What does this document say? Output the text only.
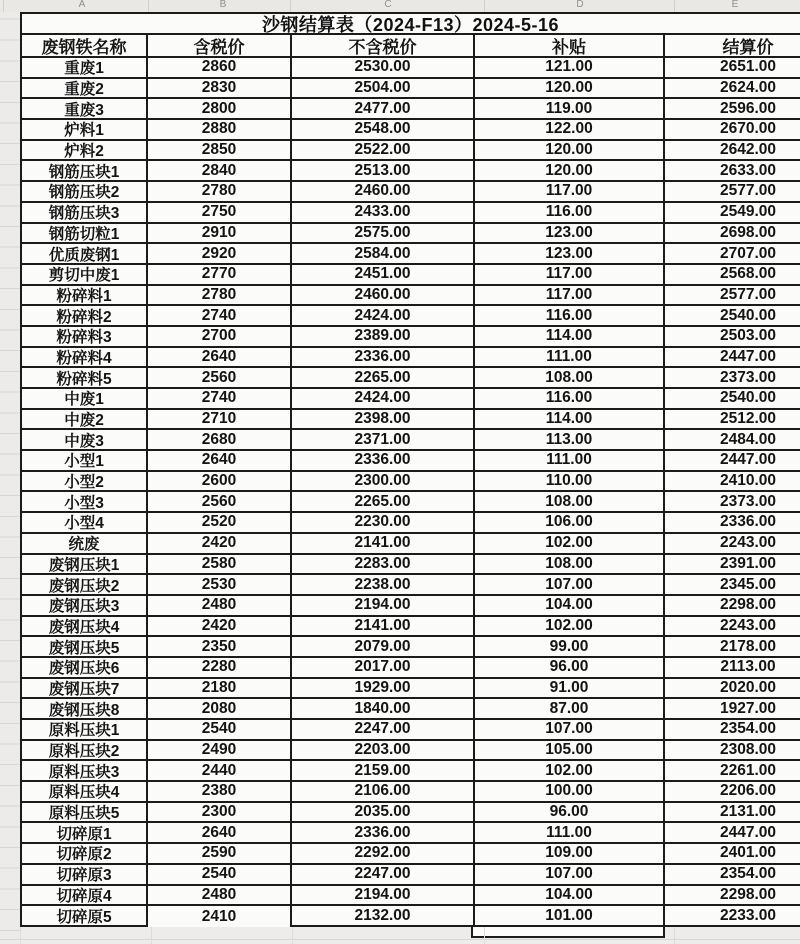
A	B	C	D	E
沙钢结算表（2024-F13）2024-5-16
废钢铁名称	含税价	不含税价	补贴	结算价
重废1	2860	2530.00	121.00	2651.00
重废2	2830	2504.00	120.00	2624.00
重废3	2800	2477.00	119.00	2596.00
炉料1	2880	2548.00	122.00	2670.00
炉料2	2850	2522.00	120.00	2642.00
钢筋压块1	2840	2513.00	120.00	2633.00
钢筋压块2	2780	2460.00	117.00	2577.00
钢筋压块3	2750	2433.00	116.00	2549.00
钢筋切粒1	2910	2575.00	123.00	2698.00
优质废钢1	2920	2584.00	123.00	2707.00
剪切中废1	2770	2451.00	117.00	2568.00
粉碎料1	2780	2460.00	117.00	2577.00
粉碎料2	2740	2424.00	116.00	2540.00
粉碎料3	2700	2389.00	114.00	2503.00
粉碎料4	2640	2336.00	111.00	2447.00
粉碎料5	2560	2265.00	108.00	2373.00
中废1	2740	2424.00	116.00	2540.00
中废2	2710	2398.00	114.00	2512.00
中废3	2680	2371.00	113.00	2484.00
小型1	2640	2336.00	111.00	2447.00
小型2	2600	2300.00	110.00	2410.00
小型3	2560	2265.00	108.00	2373.00
小型4	2520	2230.00	106.00	2336.00
统废	2420	2141.00	102.00	2243.00
废钢压块1	2580	2283.00	108.00	2391.00
废钢压块2	2530	2238.00	107.00	2345.00
废钢压块3	2480	2194.00	104.00	2298.00
废钢压块4	2420	2141.00	102.00	2243.00
废钢压块5	2350	2079.00	99.00	2178.00
废钢压块6	2280	2017.00	96.00	2113.00
废钢压块7	2180	1929.00	91.00	2020.00
废钢压块8	2080	1840.00	87.00	1927.00
原料压块1	2540	2247.00	107.00	2354.00
原料压块2	2490	2203.00	105.00	2308.00
原料压块3	2440	2159.00	102.00	2261.00
原料压块4	2380	2106.00	100.00	2206.00
原料压块5	2300	2035.00	96.00	2131.00
切碎原1	2640	2336.00	111.00	2447.00
切碎原2	2590	2292.00	109.00	2401.00
切碎原3	2540	2247.00	107.00	2354.00
切碎原4	2480	2194.00	104.00	2298.00
切碎原5	2410	2132.00	101.00	2233.00
